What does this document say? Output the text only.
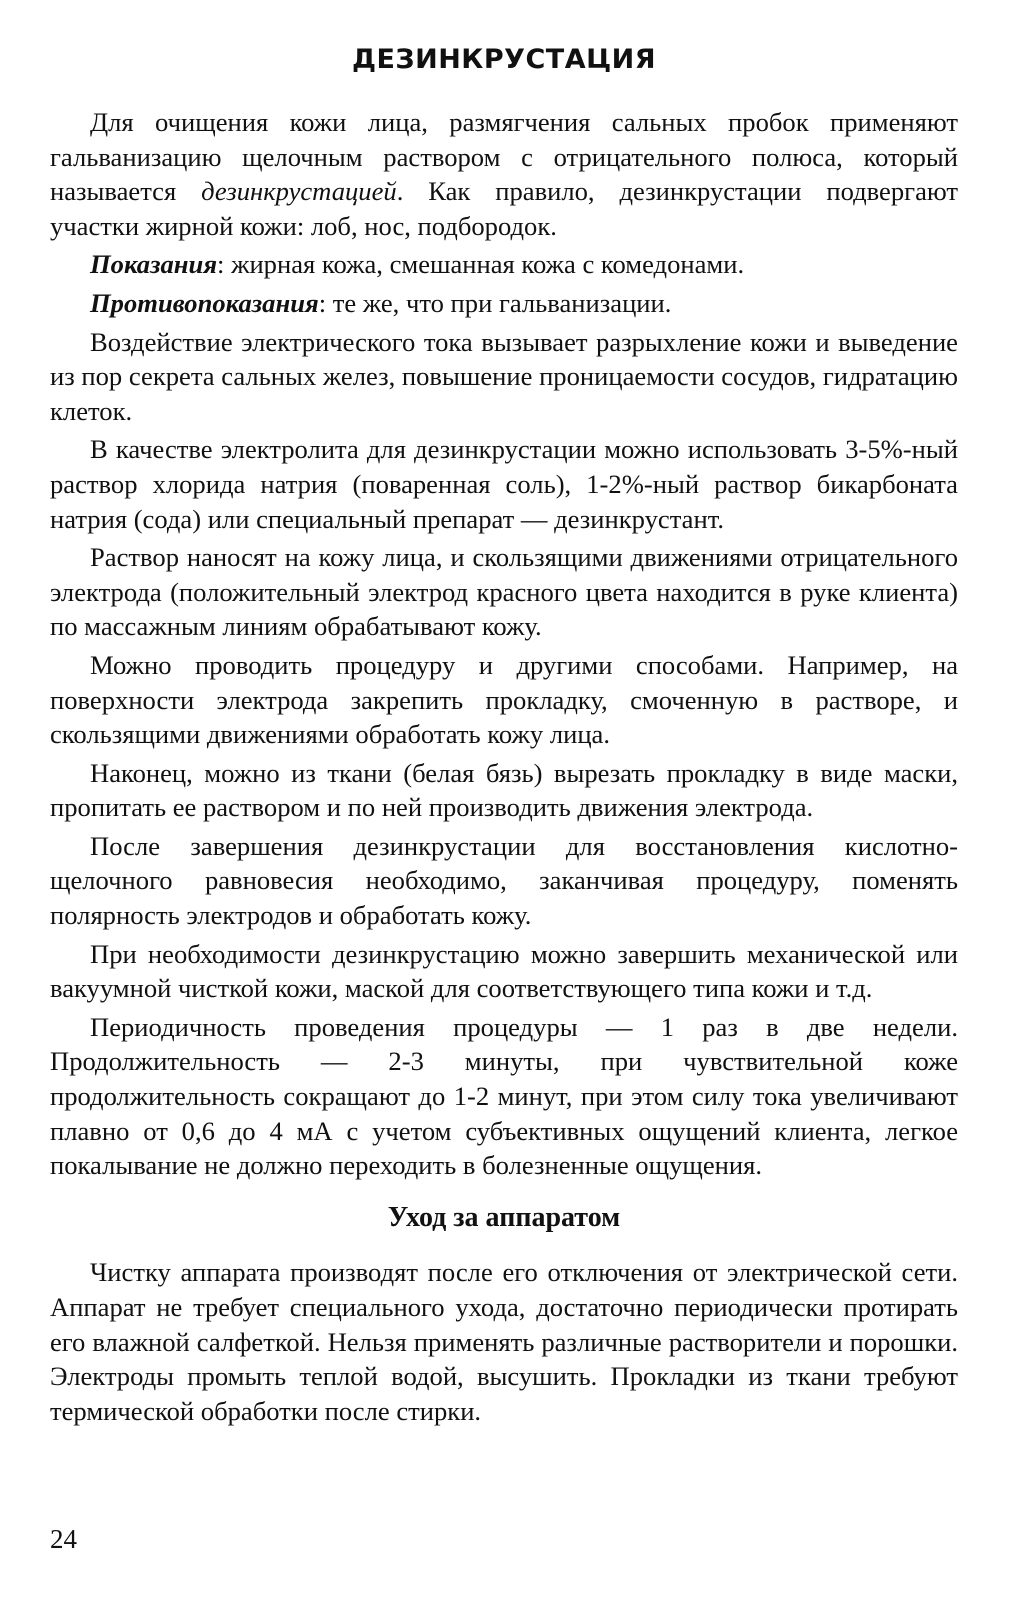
ДЕЗИНКРУСТАЦИЯ

Для очищения кожи лица, размягчения сальных пробок применяют гальванизацию щелочным раствором с отрицательного полюса, который называется дезинкрустацией. Как правило, дезинкрустации подвергают участки жирной кожи: лоб, нос, подбородок.

Показания: жирная кожа, смешанная кожа с комедонами.

Противопоказания: те же, что при гальванизации.

Воздействие электрического тока вызывает разрыхление кожи и выведение из пор секрета сальных желез, повышение проницаемости сосудов, гидратацию клеток.

В качестве электролита для дезинкрустации можно использовать 3-5%-ный раствор хлорида натрия (поваренная соль), 1-2%-ный раствор бикарбоната натрия (сода) или специальный препарат — дезинкрустант.

Раствор наносят на кожу лица, и скользящими движениями отрицательного электрода (положительный электрод красного цвета находится в руке клиента) по массажным линиям обрабатывают кожу.

Можно проводить процедуру и другими способами. Например, на поверхности электрода закрепить прокладку, смоченную в растворе, и скользящими движениями обработать кожу лица.

Наконец, можно из ткани (белая бязь) вырезать прокладку в виде маски, пропитать ее раствором и по ней производить движения электрода.

После завершения дезинкрустации для восстановления кислотно-щелочного равновесия необходимо, заканчивая процедуру, поменять полярность электродов и обработать кожу.

При необходимости дезинкрустацию можно завершить механической или вакуумной чисткой кожи, маской для соответствующего типа кожи и т.д.

Периодичность проведения процедуры — 1 раз в две недели. Продолжительность — 2-3 минуты, при чувствительной коже продолжительность сокращают до 1-2 минут, при этом силу тока увеличивают плавно от 0,6 до 4 мА с учетом субъективных ощущений клиента, легкое покалывание не должно переходить в болезненные ощущения.

Уход за аппаратом

Чистку аппарата производят после его отключения от электрической сети. Аппарат не требует специального ухода, достаточно периодически протирать его влажной салфеткой. Нельзя применять различные растворители и порошки. Электроды промыть теплой водой, высушить. Прокладки из ткани требуют термической обработки после стирки.

24
